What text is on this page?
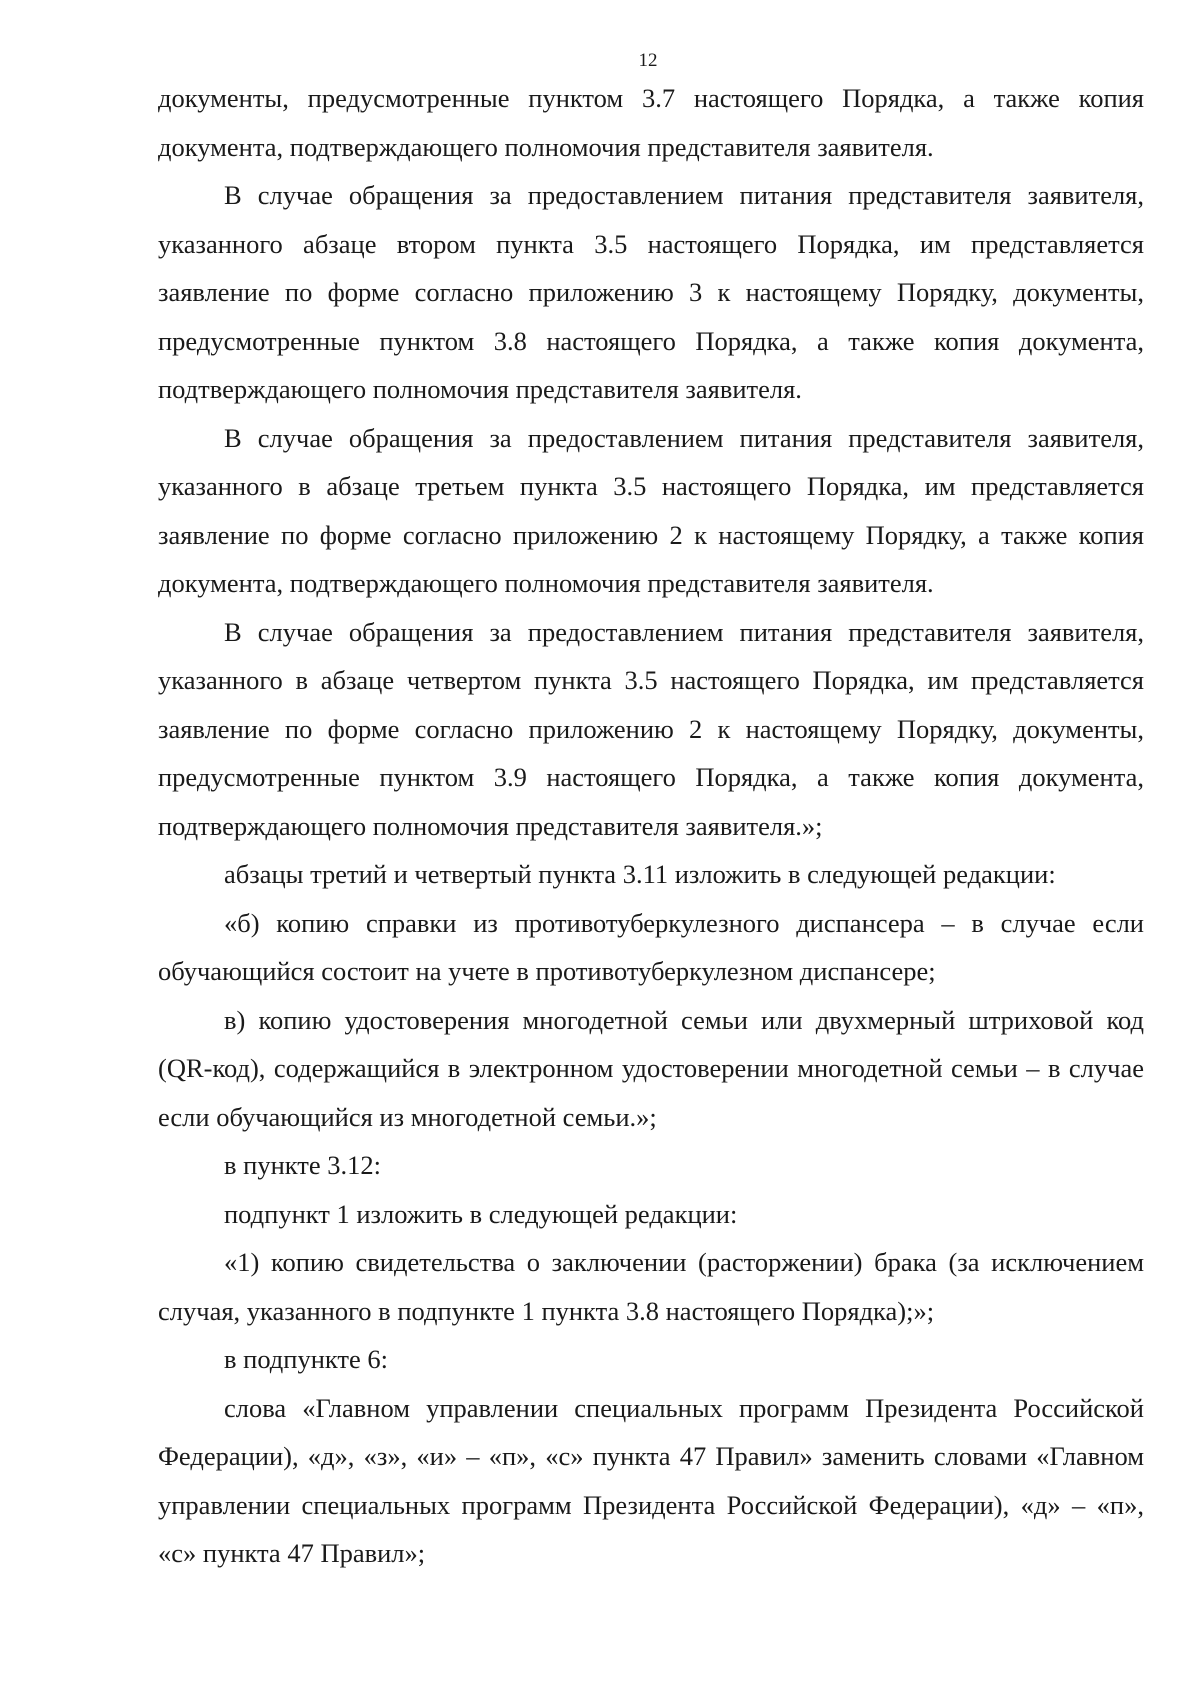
12

документы, предусмотренные пунктом 3.7 настоящего Порядка, а также копия документа, подтверждающего полномочия представителя заявителя.

В случае обращения за предоставлением питания представителя заявителя, указанного абзаце втором пункта 3.5 настоящего Порядка, им представляется заявление по форме согласно приложению 3 к настоящему Порядку, документы, предусмотренные пунктом 3.8 настоящего Порядка, а также копия документа, подтверждающего полномочия представителя заявителя.

В случае обращения за предоставлением питания представителя заявителя, указанного в абзаце третьем пункта 3.5 настоящего Порядка, им представляется заявление по форме согласно приложению 2 к настоящему Порядку, а также копия документа, подтверждающего полномочия представителя заявителя.

В случае обращения за предоставлением питания представителя заявителя, указанного в абзаце четвертом пункта 3.5 настоящего Порядка, им представляется заявление по форме согласно приложению 2 к настоящему Порядку, документы, предусмотренные пунктом 3.9 настоящего Порядка, а также копия документа, подтверждающего полномочия представителя заявителя.»;

абзацы третий и четвертый пункта 3.11 изложить в следующей редакции:

«б) копию справки из противотуберкулезного диспансера – в случае если обучающийся состоит на учете в противотуберкулезном диспансере;

в) копию удостоверения многодетной семьи или двухмерный штриховой код (QR-код), содержащийся в электронном удостоверении многодетной семьи – в случае если обучающийся из многодетной семьи.»;

в пункте 3.12:

подпункт 1 изложить в следующей редакции:

«1) копию свидетельства о заключении (расторжении) брака (за исключением случая, указанного в подпункте 1 пункта 3.8 настоящего Порядка);»;

в подпункте 6:

слова «Главном управлении специальных программ Президента Российской Федерации), «д», «з», «и» – «п», «с» пункта 47 Правил» заменить словами «Главном управлении специальных программ Президента Российской Федерации), «д» – «п», «с» пункта 47 Правил»;
